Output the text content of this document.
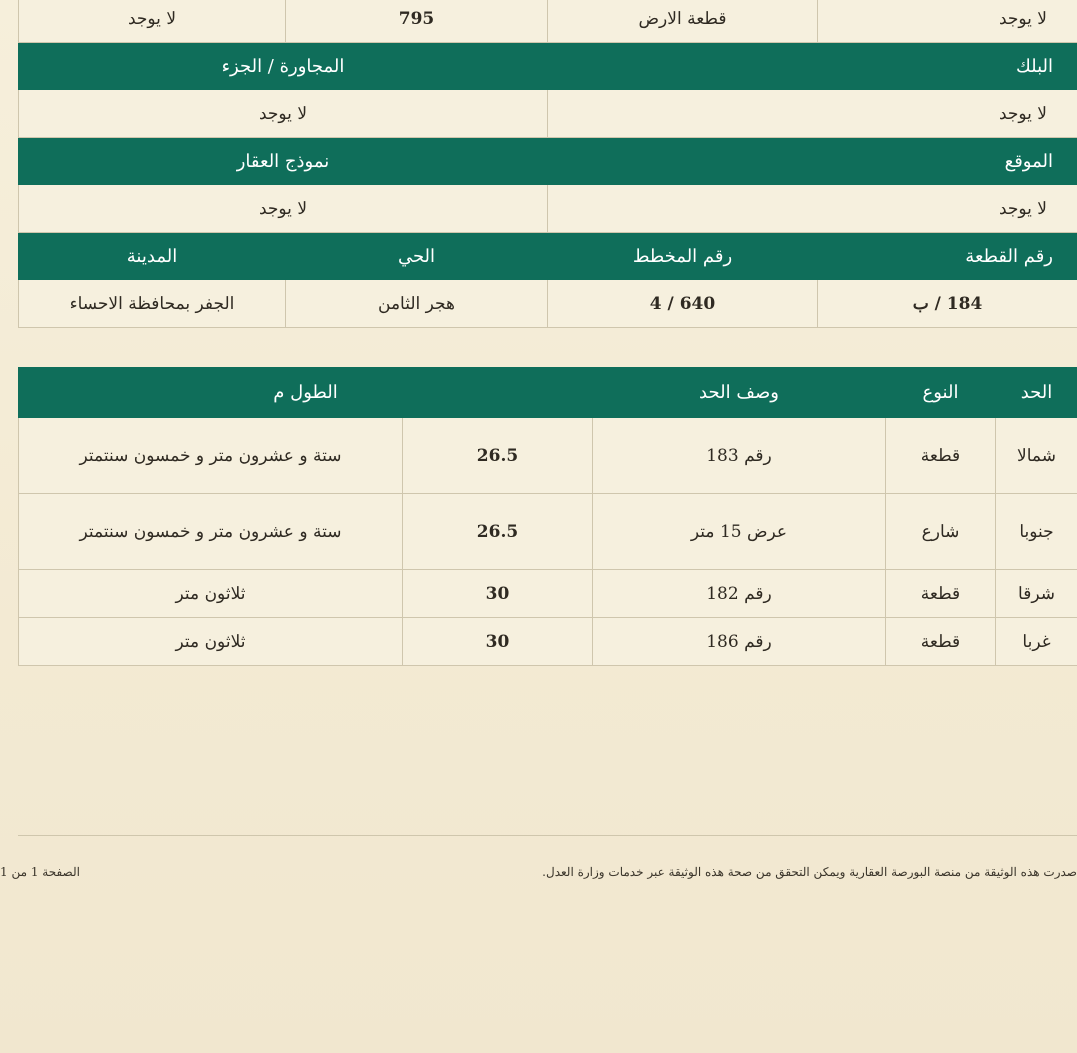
لا يوجد	قطعة الارض	795	لا يوجد
البلك		المجاورة / الجزء	
لا يوجد		لا يوجد	
الموقع		نموذج العقار	
لا يوجد		لا يوجد	
رقم القطعة	رقم المخطط	الحي	المدينة
184 / ب	640 / 4	هجر الثامن	الجفر بمحافظة الاحساء
الحد	النوع	وصف الحد	الطول م	
شمالا	قطعة	رقم 183	26.5	ستة و عشرون متر و خمسون سنتمتر
جنوبا	شارع	عرض 15 متر	26.5	ستة و عشرون متر و خمسون سنتمتر
شرقا	قطعة	رقم 182	30	ثلاثون متر
غربا	قطعة	رقم 186	30	ثلاثون متر
صدرت هذه الوثيقة من منصة البورصة العقارية ويمكن التحقق من صحة هذه الوثيقة عبر خدمات وزارة العدل.
الصفحة 1 من 1
